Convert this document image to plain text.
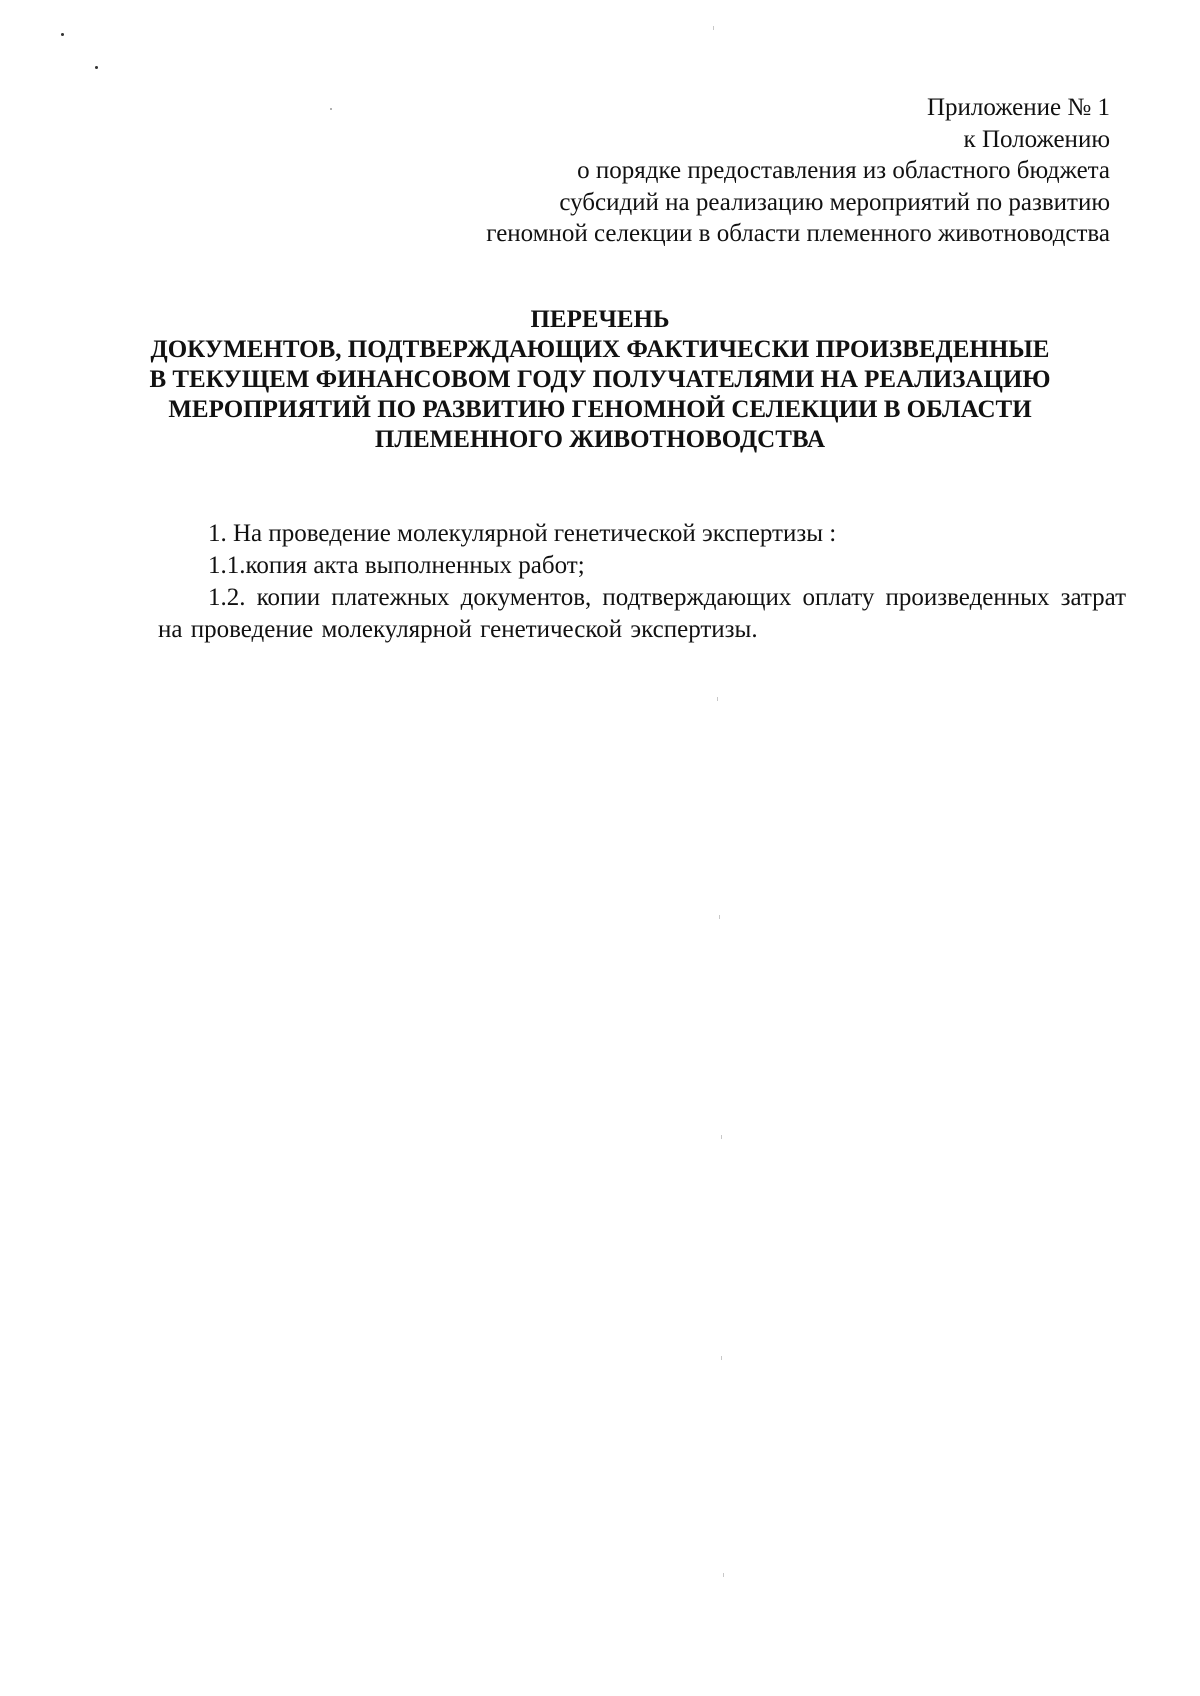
Приложение № 1
к Положению
о порядке предоставления из областного бюджета
субсидий на реализацию мероприятий по развитию
геномной селекции в области племенного животноводства
ПЕРЕЧЕНЬ
ДОКУМЕНТОВ, ПОДТВЕРЖДАЮЩИХ ФАКТИЧЕСКИ ПРОИЗВЕДЕННЫЕ
В ТЕКУЩЕМ ФИНАНСОВОМ ГОДУ ПОЛУЧАТЕЛЯМИ НА РЕАЛИЗАЦИЮ
МЕРОПРИЯТИЙ ПО РАЗВИТИЮ ГЕНОМНОЙ СЕЛЕКЦИИ В ОБЛАСТИ
ПЛЕМЕННОГО ЖИВОТНОВОДСТВА

1. На проведение молекулярной генетической экспертизы :

1.1.копия акта выполненных работ;

1.2. копии платежных документов, подтверждающих оплату произведенных затрат на проведение молекулярной генетической экспертизы.
